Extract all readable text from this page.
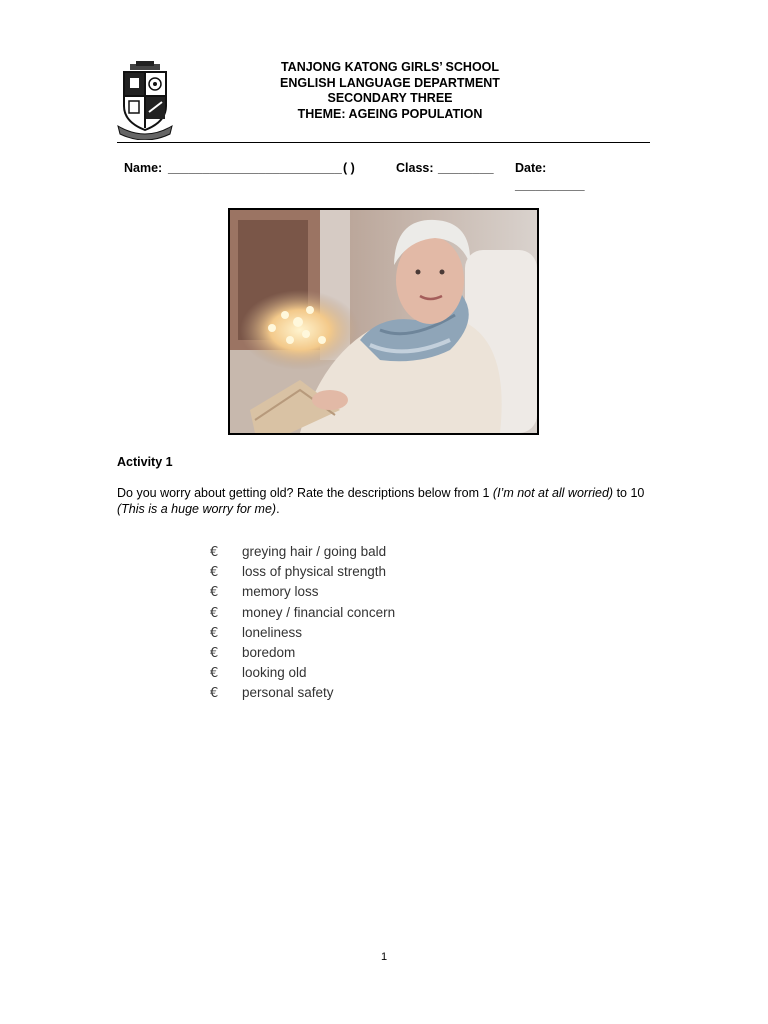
TANJONG KATONG GIRLS’ SCHOOL
ENGLISH LANGUAGE DEPARTMENT
SECONDARY THREE
THEME: AGEING POPULATION
Name: _________________________ ( )	Class: ________ Date:
__________
Activity 1
Do you worry about getting old? Rate the descriptions below from 1 (I’m not at all worried) to 10 (This is a huge worry for me).
€ greying hair / going bald
€ loss of physical strength
€ memory loss
€ money / financial concern
€ loneliness
€ boredom
€ looking old
€ personal safety
1
